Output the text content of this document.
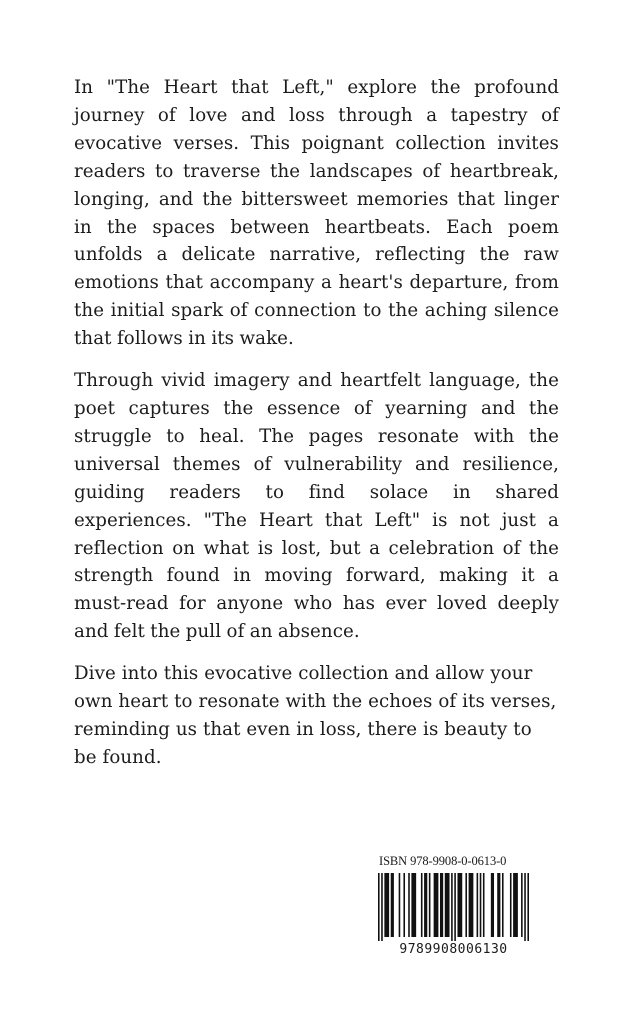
In "The Heart that Left," explore the profound journey of love and loss through a tapestry of evocative verses. This poignant collection invites readers to traverse the landscapes of heartbreak, longing, and the bittersweet memories that linger in the spaces between heartbeats. Each poem unfolds a delicate narrative, reflecting the raw emotions that accompany a heart's departure, from the initial spark of connection to the aching silence that follows in its wake.

Through vivid imagery and heartfelt language, the poet captures the essence of yearning and the struggle to heal. The pages resonate with the universal themes of vulnerability and resilience, guiding readers to find solace in shared experiences. "The Heart that Left" is not just a reflection on what is lost, but a celebration of the strength found in moving forward, making it a must-read for anyone who has ever loved deeply and felt the pull of an absence.

Dive into this evocative collection and allow your own heart to resonate with the echoes of its verses, reminding us that even in loss, there is beauty to be found.

ISBN 978-9908-0-0613-0
9789908006130
